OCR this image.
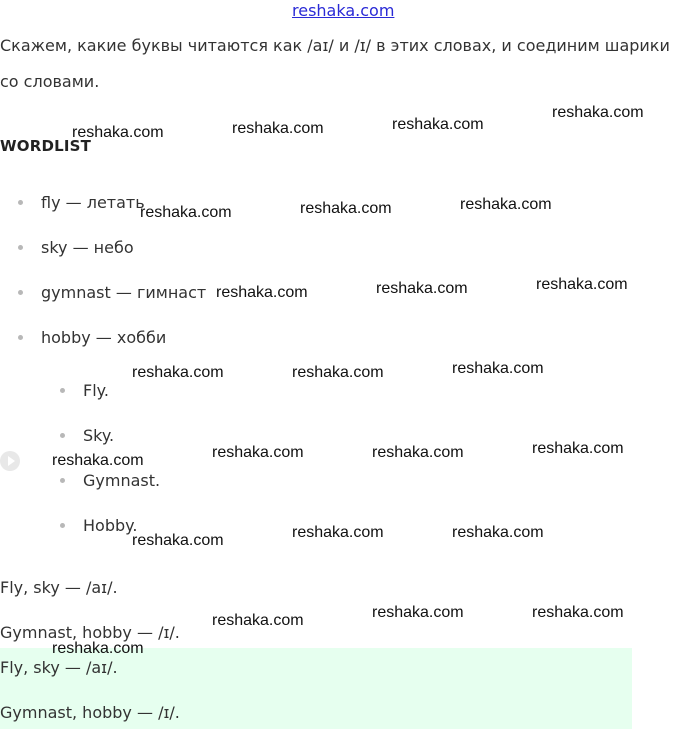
reshaka.com
Скажем, какие буквы читаются как /aɪ/ и /ɪ/ в этих словах, и соединим шарики со словами.
WORDLIST
fly — летать
sky — небо
gymnast — гимнаст
hobby — хобби
Fly.
Sky.
Gymnast.
Hobby.
Fly, sky — /aɪ/.
Gymnast, hobby — /ɪ/.
Fly, sky — /aɪ/.
Gymnast, hobby — /ɪ/.
reshaka.com	reshaka.com	reshaka.com
reshaka.com
reshaka.com	reshaka.com	reshaka.com
reshaka.com	reshaka.com	reshaka.com
reshaka.com	reshaka.com	reshaka.com
reshaka.com	reshaka.com	reshaka.com	reshaka.com
reshaka.com	reshaka.com	reshaka.com
reshaka.com	reshaka.com	reshaka.com
reshaka.com
